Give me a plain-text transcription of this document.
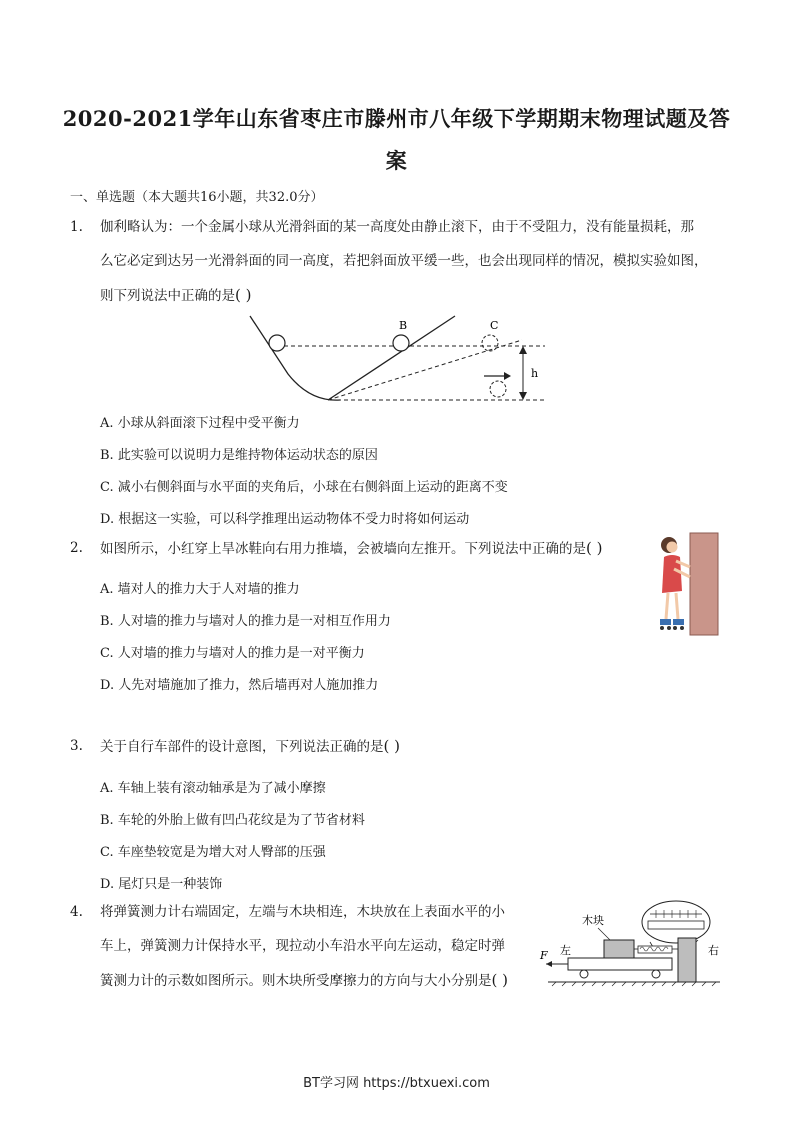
2020-2021学年山东省枣庄市滕州市八年级下学期期末物理试题及答
案
一、单选题（本大题共16小题，共32.0分）
1. 伽利略认为：一个金属小球从光滑斜面的某一高度处由静止滚下，由于不受阻力，没有能量损耗，那
么它必定到达另一光滑斜面的同一高度，若把斜面放平缓一些，也会出现同样的情况，模拟实验如图，
则下列说法中正确的是( )
B	C
h
A. 小球从斜面滚下过程中受平衡力
B. 此实验可以说明力是维持物体运动状态的原因
C. 减小右侧斜面与水平面的夹角后，小球在右侧斜面上运动的距离不变
D. 根据这一实验，可以科学推理出运动物体不受力时将如何运动
2. 如图所示，小红穿上旱冰鞋向右用力推墙，会被墙向左推开。下列说法中正确的是( )
A. 墙对人的推力大于人对墙的推力
B. 人对墙的推力与墙对人的推力是一对相互作用力
C. 人对墙的推力与墙对人的推力是一对平衡力
D. 人先对墙施加了推力，然后墙再对人施加推力
3. 关于自行车部件的设计意图，下列说法正确的是( )
A. 车轴上装有滚动轴承是为了减小摩擦
B. 车轮的外胎上做有凹凸花纹是为了节省材料
C. 车座垫较宽是为增大对人臀部的压强
D. 尾灯只是一种装饰
4. 将弹簧测力计右端固定，左端与木块相连，木块放在上表面水平的小
车上，弹簧测力计保持水平，现拉动小车沿水平向左运动，稳定时弹
簧测力计的示数如图所示。则木块所受摩擦力的方向与大小分别是( )
木块
F 左	右
BT学习网 https://btxuexi.com
